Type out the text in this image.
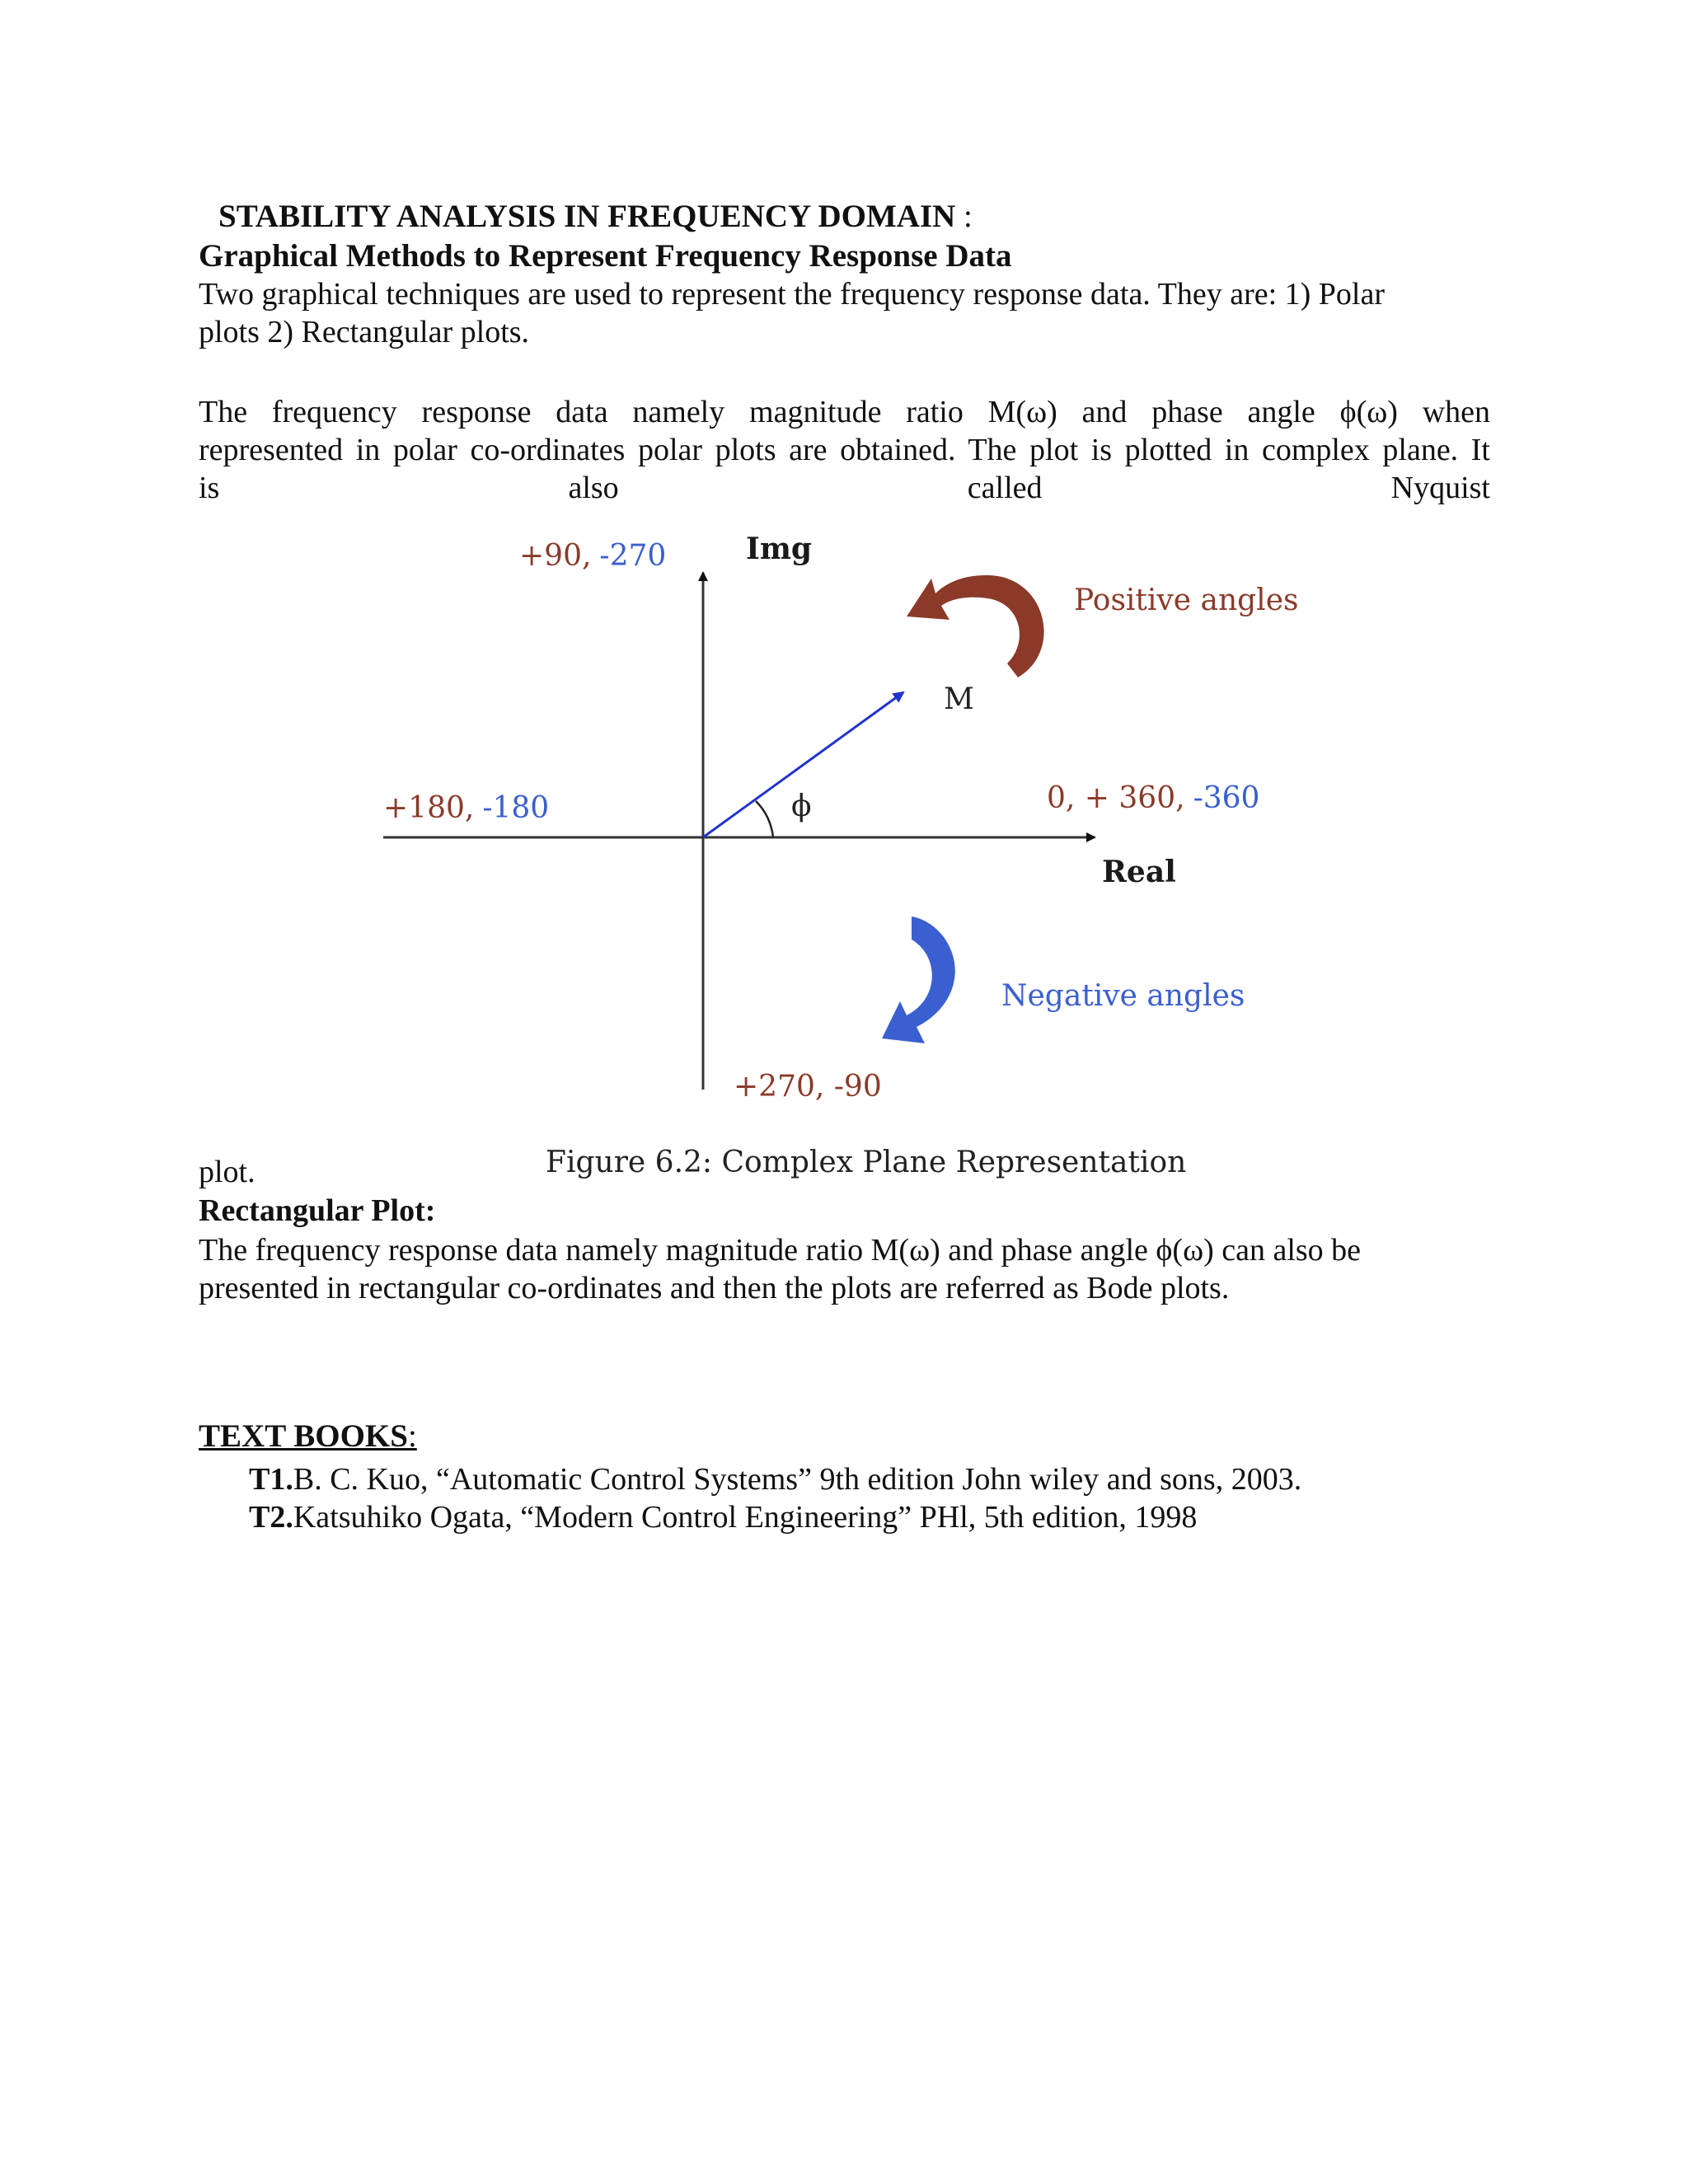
STABILITY ANALYSIS IN FREQUENCY DOMAIN :
Graphical Methods to Represent Frequency Response Data
Two graphical techniques are used to represent the frequency response data. They are: 1) Polar
plots 2) Rectangular plots.
The frequency response data namely magnitude ratio M(ω) and phase angle ϕ(ω) when
represented in polar co-ordinates polar plots are obtained. The plot is plotted in complex plane. It
is	also	called	Nyquist
Img
+90, -270
+180, -180	0, + 360, -360
Real
+270, -90
M
ϕ
Positive angles
Negative angles
Figure 6.2: Complex Plane Representation
plot.
Rectangular Plot:
The frequency response data namely magnitude ratio M(ω) and phase angle ϕ(ω) can also be
presented in rectangular co-ordinates and then the plots are referred as Bode plots.
TEXT BOOKS:
T1.B. C. Kuo, “Automatic Control Systems” 9th edition John wiley and sons, 2003.
T2.Katsuhiko Ogata, “Modern Control Engineering” PHl, 5th edition, 1998
